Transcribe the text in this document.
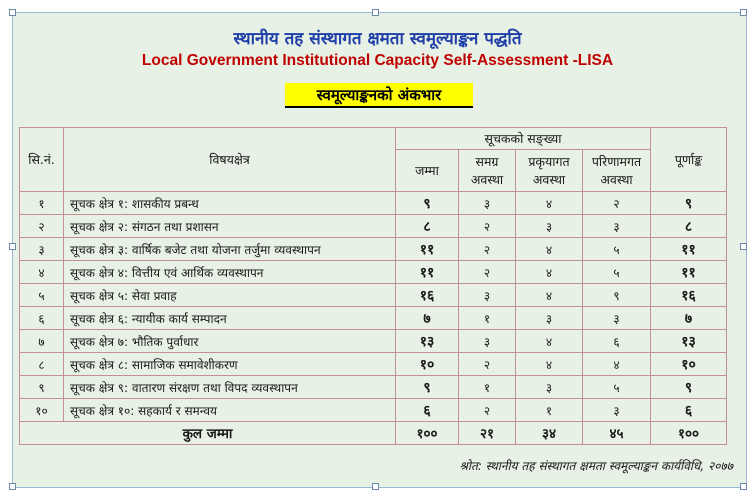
स्थानीय तह संस्थागत क्षमता स्वमूल्याङ्कन पद्धति
Local Government Institutional Capacity Self-Assessment -LISA
स्वमूल्याङ्कनको अंकभार
सि.नं.	विषयक्षेत्र	सूचकको सङ्ख्या				पूर्णाङ्क
		जम्मा	समग्र अवस्था	प्रकृयागत अवस्था	परिणामगत अवस्था	
१	सूचक क्षेत्र १: शासकीय प्रबन्ध	९	३	४	२	९
२	सूचक क्षेत्र २: संगठन तथा प्रशासन	८	२	३	३	८
३	सूचक क्षेत्र ३: वार्षिक बजेट तथा योजना तर्जुमा व्यवस्थापन	११	२	४	५	११
४	सूचक क्षेत्र ४: वित्तीय एवं आर्थिक व्यवस्थापन	११	२	४	५	११
५	सूचक क्षेत्र ५: सेवा प्रवाह	१६	३	४	९	१६
६	सूचक क्षेत्र ६: न्यायीक कार्य सम्पादन	७	१	३	३	७
७	सूचक क्षेत्र ७: भौतिक पुर्वाधार	१३	३	४	६	१३
८	सूचक क्षेत्र ८: सामाजिक समावेशीकरण	१०	२	४	४	१०
९	सूचक क्षेत्र ९: वातारण संरक्षण तथा विपद व्यवस्थापन	९	१	३	५	९
१०	सूचक क्षेत्र १०: सहकार्य र समन्वय	६	२	१	३	६
कुल जम्मा		१००	२१	३४	४५	१००
श्रोत: स्थानीय तह संस्थागत क्षमता स्वमूल्याङ्कन कार्यविधि, २०७७
